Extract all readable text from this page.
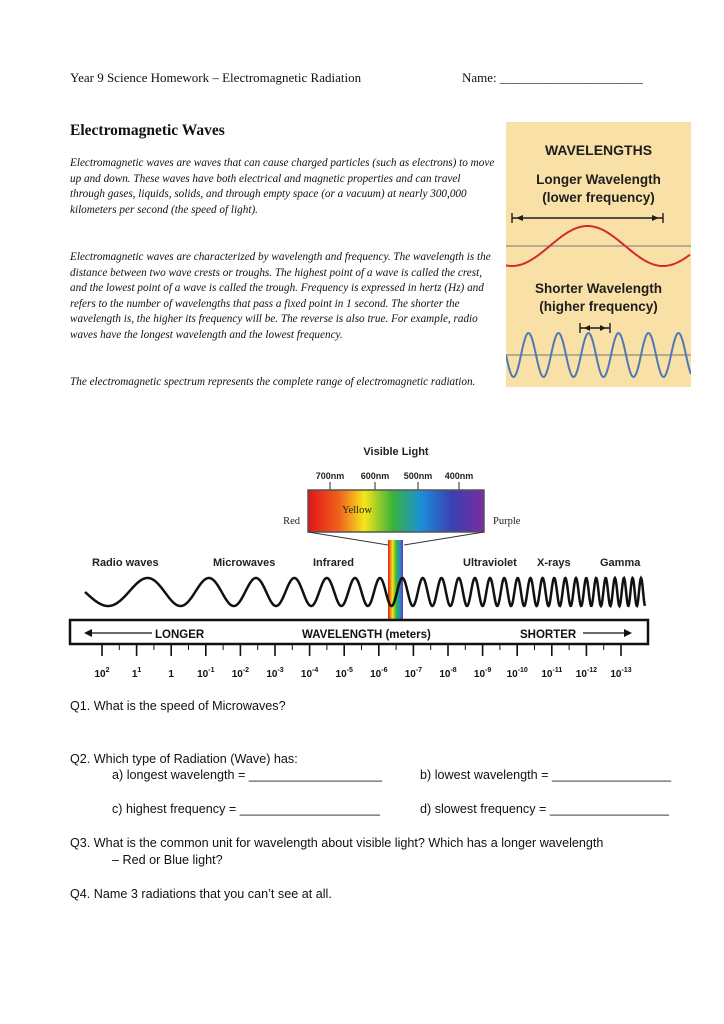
Year 9 Science Homework – Electromagnetic Radiation	Name: ______________________
Electromagnetic Waves
Electromagnetic waves are waves that can cause charged particles (such as electrons) to move up and down. These waves have both electrical and magnetic properties and can travel through gases, liquids, solids, and through empty space (or a vacuum) at nearly 300,000 kilometers per second (the speed of light).
Electromagnetic waves are characterized by wavelength and frequency. The wavelength is the distance between two wave crests or troughs. The highest point of a wave is called the crest, and the lowest point of a wave is called the trough. Frequency is expressed in hertz (Hz) and refers to the number of wavelengths that pass a fixed point in 1 second. The shorter the wavelength is, the higher its frequency will be. The reverse is also true. For example, radio waves have the longest wavelength and the lowest frequency.
The electromagnetic spectrum represents the complete range of electromagnetic radiation.
WAVELENGTHS
Longer Wavelength
(lower frequency)
Shorter Wavelength
(higher frequency)
Visible Light
700nm 600nm 500nm 400nm
Red
Yellow
Purple
Radio waves	Microwaves	Infrared	Ultraviolet X-rays	Gamma
LONGER	WAVELENGTH (meters)	SHORTER
$10^2$ $1^1$	1 $10^{-1}$ $10^{-2}$ $10^{-3}$ $10^{-4}$ $10^{-5}$ $10^{-6}$ $10^{-7}$ $10^{-8}$ $10^{-9}$ $10^{-10}$ $10^{-11}$ $10^{-12}$ $10^{-13}$
Q1. What is the speed of Microwaves?
Q2. Which type of Radiation (Wave) has:
a) longest wavelength = ___________________	b) lowest wavelength = _________________
c) highest frequency = ____________________	d) slowest frequency = _________________
Q3. What is the common unit for wavelength about visible light? Which has a longer wavelength
– Red or Blue light?
Q4. Name 3 radiations that you can’t see at all.
